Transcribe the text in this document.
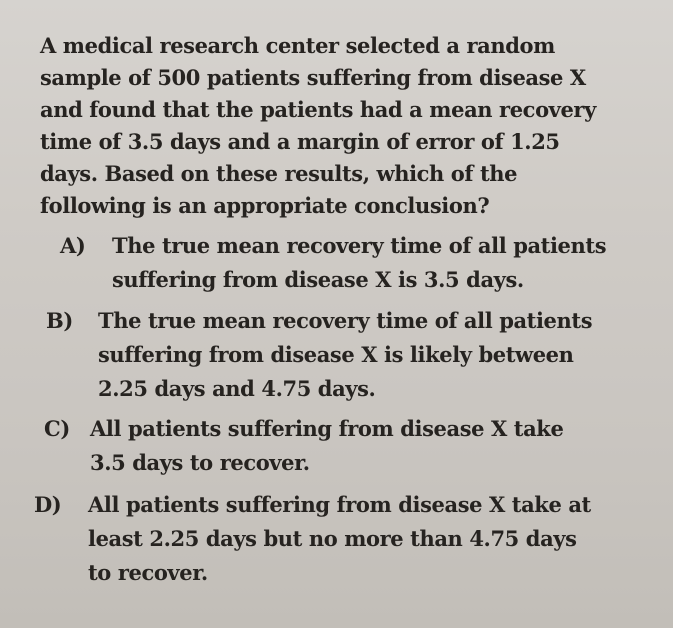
A medical research center selected a random
sample of 500 patients suffering from disease X
and found that the patients had a mean recovery
time of 3.5 days and a margin of error of 1.25
days. Based on these results, which of the
following is an appropriate conclusion?
A) The true mean recovery time of all patients
suffering from disease X is 3.5 days.
B) The true mean recovery time of all patients
suffering from disease X is likely between
2.25 days and 4.75 days.
C) All patients suffering from disease X take
3.5 days to recover.
D) All patients suffering from disease X take at
least 2.25 days but no more than 4.75 days
to recover.
